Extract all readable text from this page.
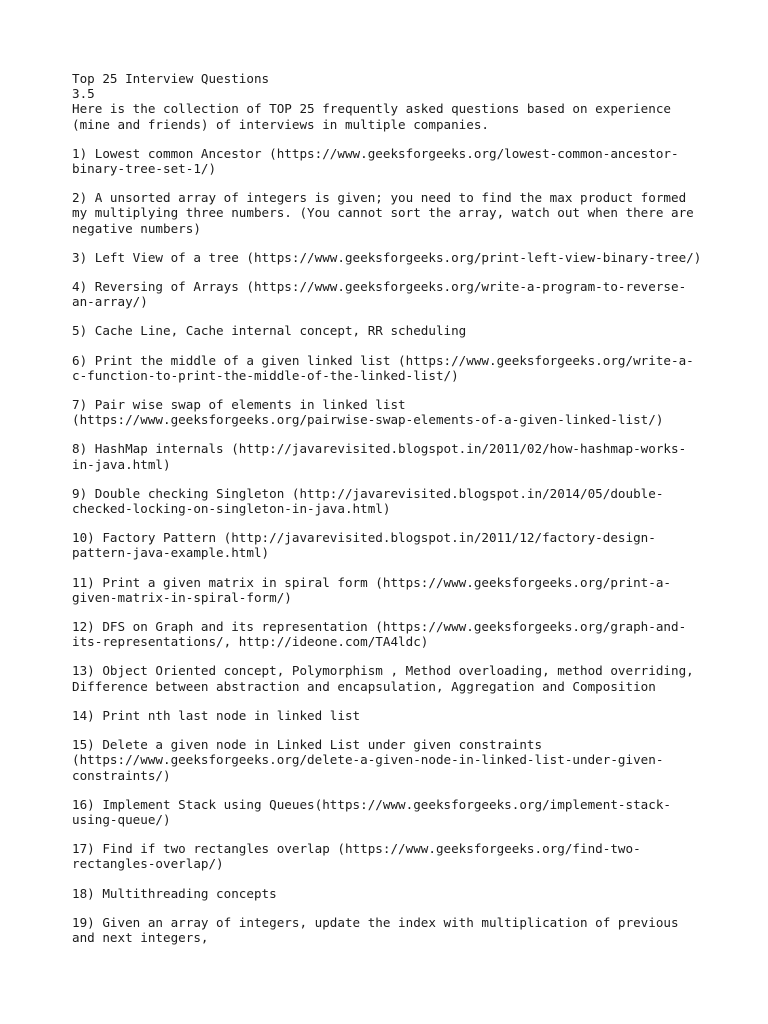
Top 25 Interview Questions

3.5

Here is the collection of TOP 25 frequently asked questions based on experience
(mine and friends) of interviews in multiple companies.
1) Lowest common Ancestor (https://www.geeksforgeeks.org/lowest-common-ancestor-
binary-tree-set-1/)
2) A unsorted array of integers is given; you need to find the max product formed
my multiplying three numbers. (You cannot sort the array, watch out when there are
negative numbers)
3) Left View of a tree (https://www.geeksforgeeks.org/print-left-view-binary-tree/)
4) Reversing of Arrays (https://www.geeksforgeeks.org/write-a-program-to-reverse-
an-array/)
5) Cache Line, Cache internal concept, RR scheduling
6) Print the middle of a given linked list (https://www.geeksforgeeks.org/write-a-
c-function-to-print-the-middle-of-the-linked-list/)
7) Pair wise swap of elements in linked list
(https://www.geeksforgeeks.org/pairwise-swap-elements-of-a-given-linked-list/)
8) HashMap internals (http://javarevisited.blogspot.in/2011/02/how-hashmap-works-
in-java.html)
9) Double checking Singleton (http://javarevisited.blogspot.in/2014/05/double-
checked-locking-on-singleton-in-java.html)
10) Factory Pattern (http://javarevisited.blogspot.in/2011/12/factory-design-
pattern-java-example.html)
11) Print a given matrix in spiral form (https://www.geeksforgeeks.org/print-a-
given-matrix-in-spiral-form/)
12) DFS on Graph and its representation (https://www.geeksforgeeks.org/graph-and-
its-representations/, http://ideone.com/TA4ldc)
13) Object Oriented concept, Polymorphism , Method overloading, method overriding,
Difference between abstraction and encapsulation, Aggregation and Composition
14) Print nth last node in linked list
15) Delete a given node in Linked List under given constraints
(https://www.geeksforgeeks.org/delete-a-given-node-in-linked-list-under-given-
constraints/)
16) Implement Stack using Queues(https://www.geeksforgeeks.org/implement-stack-
using-queue/)
17) Find if two rectangles overlap (https://www.geeksforgeeks.org/find-two-
rectangles-overlap/)
18) Multithreading concepts
19) Given an array of integers, update the index with multiplication of previous
and next integers,
